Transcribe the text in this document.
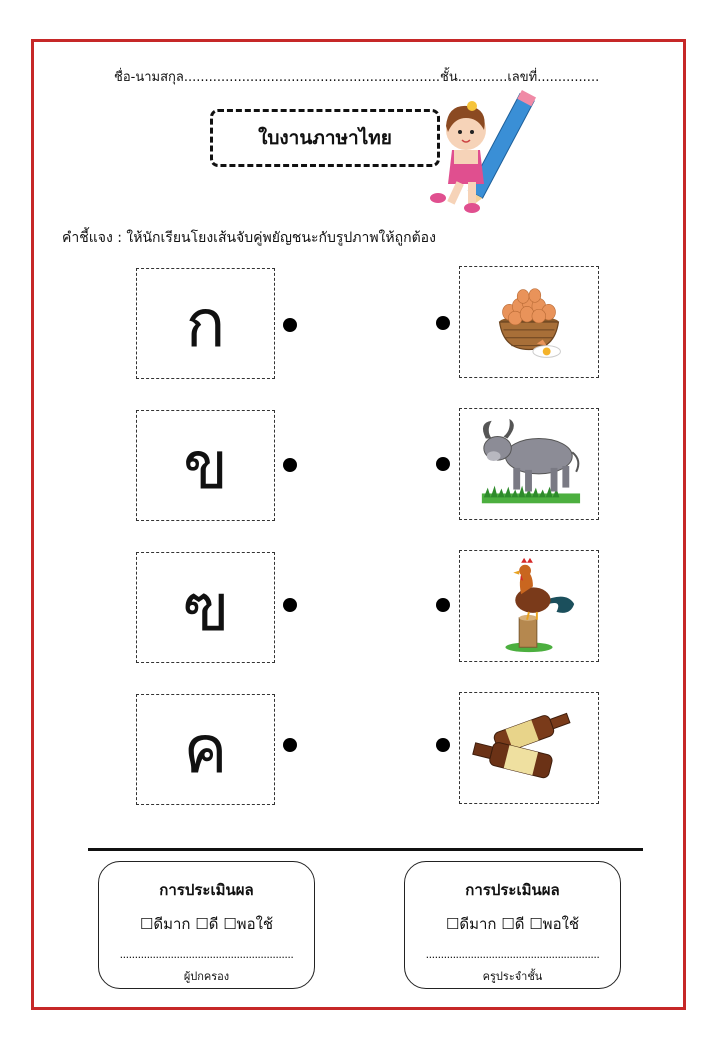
ชื่อ-นามสกุล..............................................................ชั้น............เลขที่...............
ใบงานภาษาไทย
คำชี้แจง : ให้นักเรียนโยงเส้นจับคู่พยัญชนะกับรูปภาพให้ถูกต้อง
ก
ข
ฃ
ค
การประเมินผล
☐ดีมาก ☐ดี ☐พอใช้
..........................................................
ผู้ปกครอง
การประเมินผล
☐ดีมาก ☐ดี ☐พอใช้
..........................................................
ครูประจำชั้น
